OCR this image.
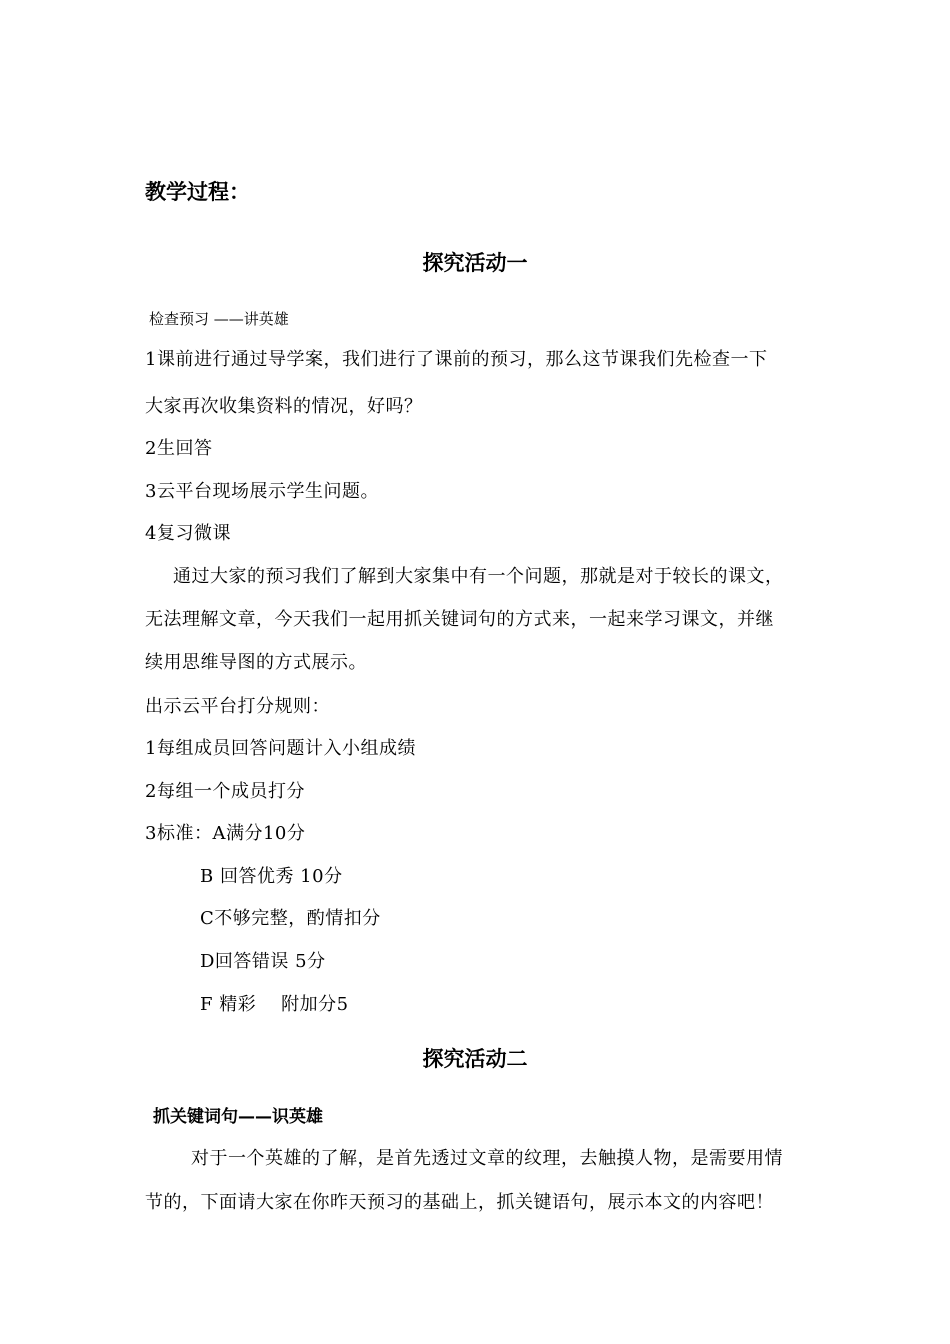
教学过程：
探究活动一
检查预习 ——讲英雄
1课前进行通过导学案，我们进行了课前的预习，那么这节课我们先检查一下
大家再次收集资料的情况，好吗？
2生回答
3云平台现场展示学生问题。
4复习微课
通过大家的预习我们了解到大家集中有一个问题，那就是对于较长的课文，
无法理解文章，今天我们一起用抓关键词句的方式来，一起来学习课文，并继
续用思维导图的方式展示。
出示云平台打分规则：
1每组成员回答问题计入小组成绩
2每组一个成员打分
3标准：A满分10分
B 回答优秀 10分
C不够完整，酌情扣分
D回答错误 5分
F 精彩    附加分5
探究活动二
抓关键词句——识英雄
对于一个英雄的了解，是首先透过文章的纹理，去触摸人物，是需要用情
节的，下面请大家在你昨天预习的基础上，抓关键语句，展示本文的内容吧！
